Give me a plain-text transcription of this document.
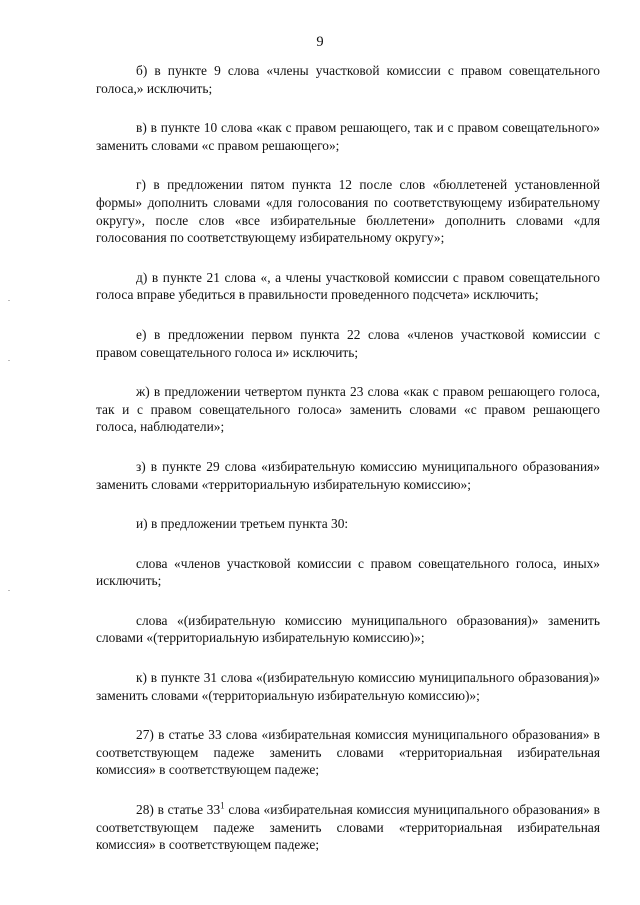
9

б) в пункте 9 слова «члены участковой комиссии с правом совещательного голоса,» исключить;

в) в пункте 10 слова «как с правом решающего, так и с правом совещательного» заменить словами «с правом решающего»;

г) в предложении пятом пункта 12 после слов «бюллетеней установленной формы» дополнить словами «для голосования по соответствующему избирательному округу», после слов «все избирательные бюллетени» дополнить словами «для голосования по соответствующему избирательному округу»;

д) в пункте 21 слова «, а члены участковой комиссии с правом совещательного голоса вправе убедиться в правильности проведенного подсчета» исключить;

е) в предложении первом пункта 22 слова «членов участковой комиссии с правом совещательного голоса и» исключить;

ж) в предложении четвертом пункта 23 слова «как с правом решающего голоса, так и с правом совещательного голоса» заменить словами «с правом решающего голоса, наблюдатели»;

з) в пункте 29 слова «избирательную комиссию муниципального образования» заменить словами «территориальную избирательную комиссию»;

и) в предложении третьем пункта 30:

слова «членов участковой комиссии с правом совещательного голоса, иных» исключить;

слова «(избирательную комиссию муниципального образования)» заменить словами «(территориальную избирательную комиссию)»;

к) в пункте 31 слова «(избирательную комиссию муниципального образования)» заменить словами «(территориальную избирательную комиссию)»;

27) в статье 33 слова «избирательная комиссия муниципального образования» в соответствующем падеже заменить словами «территориальная избирательная комиссия» в соответствующем падеже;

28) в статье $33^1$ слова «избирательная комиссия муниципального образования» в соответствующем падеже заменить словами «территориальная избирательная комиссия» в соответствующем падеже;
